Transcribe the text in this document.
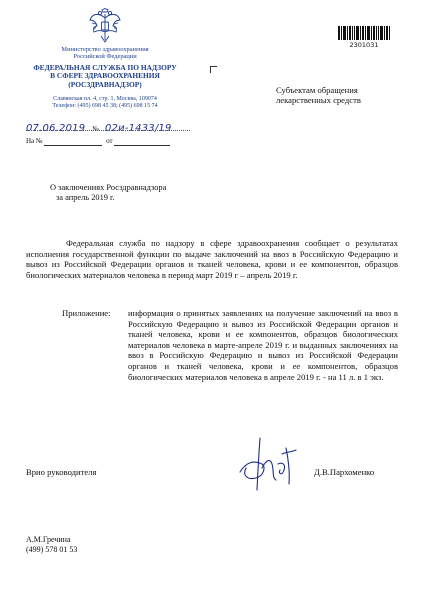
Министерство здравоохранения
Российской Федерации
ФЕДЕРАЛЬНАЯ СЛУЖБА ПО НАДЗОРУ
В СФЕРЕ ЗДРАВООХРАНЕНИЯ
(РОСЗДРАВНАДЗОР)
Славянская пл. 4, стр. 1, Москва, 109074
Телефон: (495) 698 45 38; (495) 698 15 74
2301031
Субъектам обращения
лекарственных средств
07.06.2019 № 02и-1433/19
На №	от
О заключениях Росздравнадзора
за апрель 2019 г.
Федеральная служба по надзору в сфере здравоохранения сообщает о результатах исполнения государственной функции по выдаче заключений на ввоз в Российскую Федерацию и вывоз из Российской Федерации органов и тканей человека, крови и ее компонентов, образцов биологических материалов человека в период март 2019 г – апрель 2019 г.
Приложение:	информация о принятых заявлениях на получение заключений на ввоз в Российскую Федерацию и вывоз из Российской Федерации органов и тканей человека, крови и ее компонентов, образцов биологических материалов человека в марте-апреле 2019 г. и выданных заключениях на ввоз в Российскую Федерацию и вывоз из Российской Федерации органов и тканей человека, крови и ее компонентов, образцов биологических материалов человека в апреле 2019 г. - на 11 л. в 1 экз.
Врио руководителя	Д.В.Пархоменко
А.М.Гречина
(499) 578 01 53
